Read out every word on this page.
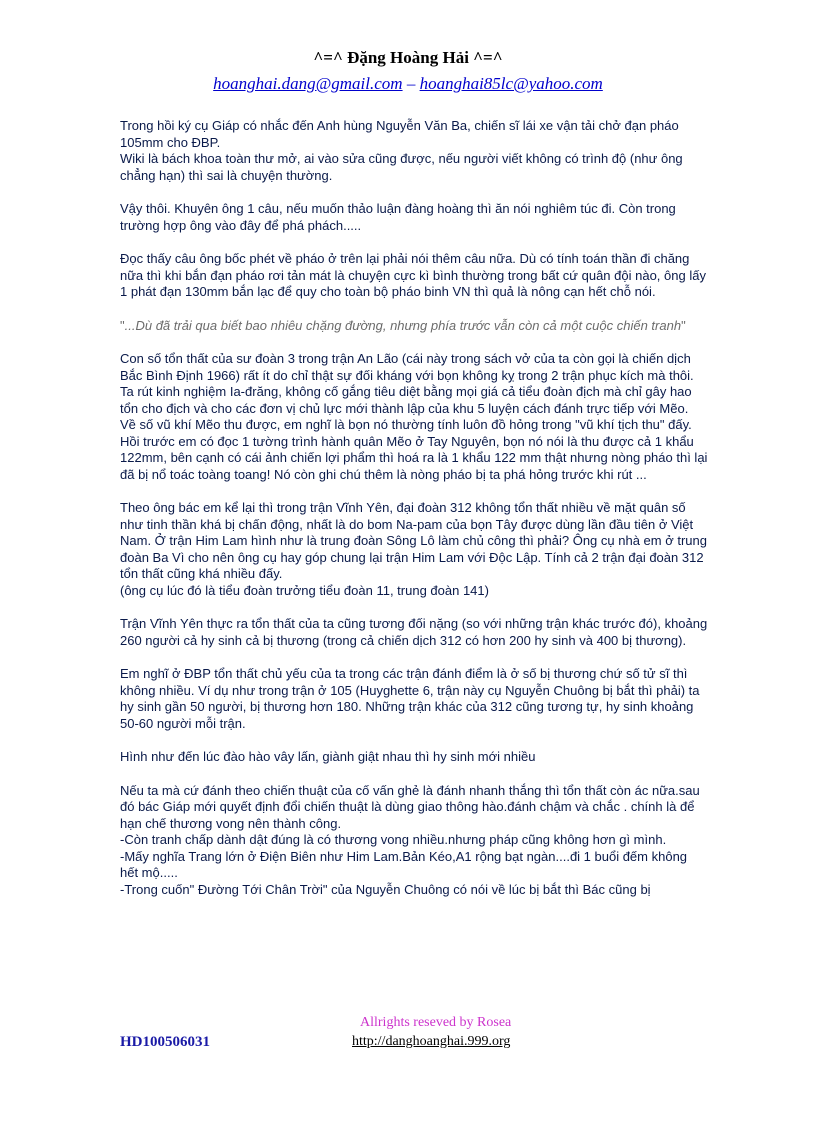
^=^ Đặng Hoàng Hải ^=^
hoanghai.dang@gmail.com – hoanghai85lc@yahoo.com

Trong hồi ký cụ Giáp có nhắc đến Anh hùng Nguyễn Văn Ba, chiến sĩ lái xe vận tải chở đạn pháo 105mm cho ĐBP.
Wiki là bách khoa toàn thư mở, ai vào sửa cũng được, nếu người viết không có trình độ (như ông chẳng hạn) thì sai là chuyện thường.

Vậy thôi. Khuyên ông 1 câu, nếu muốn thảo luận đàng hoàng thì ăn nói nghiêm túc đi. Còn trong trường hợp ông vào đây để phá phách.....

Đọc thấy câu ông bốc phét về pháo ở trên lại phải nói thêm câu nữa. Dù có tính toán thần đi chăng nữa thì khi bắn đạn pháo rơi tản mát là chuyện cực kì bình thường trong bất cứ quân đội nào, ông lấy 1 phát đạn 130mm bắn lạc để quy cho toàn bộ pháo binh VN thì quả là nông cạn hết chỗ nói.

"...Dù đã trải qua biết bao nhiêu chặng đường, nhưng phía trước vẫn còn cả một cuộc chiến tranh"

Con số tổn thất của sư đoàn 3 trong trận An Lão (cái này trong sách vở của ta còn gọi là chiến dịch Bắc Bình Định 1966) rất ít do chỉ thật sự đối kháng với bọn không kỵ trong 2 trận phục kích mà thôi. Ta rút kinh nghiệm Ia-đrăng, không cố gắng tiêu diệt bằng mọi giá cả tiểu đoàn địch mà chỉ gây hao tổn cho địch và cho các đơn vị chủ lực mới thành lập của khu 5 luyện cách đánh trực tiếp với Mẽo.
Về số vũ khí Mẽo thu được, em nghĩ là bọn nó thường tính luôn đồ hỏng trong "vũ khí tịch thu" đấy. Hồi trước em có đọc 1 tường trình hành quân Mẽo ở Tay Nguyên, bọn nó nói là thu được cả 1 khẩu 122mm, bên cạnh có cái ảnh chiến lợi phẩm thì hoá ra là 1 khẩu 122 mm thật nhưng nòng pháo thì lại đã bị nổ toác toàng toang! Nó còn ghi chú thêm là nòng pháo bị ta phá hỏng trước khi rút ...

Theo ông bác em kể lại thì trong trận Vĩnh Yên, đại đoàn 312 không tổn thất nhiều về mặt quân số như tinh thần khá bị chấn động, nhất là do bom Na-pam của bọn Tây được dùng lần đầu tiên ở Việt Nam. Ở trận Him Lam hình như là trung đoàn Sông Lô làm chủ công thì phải? Ông cụ nhà em ở trung đoàn Ba Vì cho nên ông cụ hay góp chung lại trận Him Lam với Độc Lập. Tính cả 2 trận đại đoàn 312 tổn thất cũng khá nhiều đấy.
(ông cụ lúc đó là tiểu đoàn trưởng tiểu đoàn 11, trung đoàn 141)

Trận Vĩnh Yên thực ra tổn thất của ta cũng tương đối nặng (so với những trận khác trước đó), khoảng 260 người cả hy sinh cả bị thương (trong cả chiến dịch 312 có hơn 200 hy sinh và 400 bị thương).

Em nghĩ ở ĐBP tổn thất chủ yếu của ta trong các trận đánh điểm là ở số bị thương chứ số tử sĩ thì không nhiều. Ví dụ như trong trận ở 105 (Huyghette 6, trận này cụ Nguyễn Chuông bị bắt thì phải) ta hy sinh gần 50 người, bị thương hơn 180. Những trận khác của 312 cũng tương tự, hy sinh khoảng 50-60 người mỗi trận.

Hình như đến lúc đào hào vây lấn, giành giật nhau thì hy sinh mới nhiều

Nếu ta mà cứ đánh theo chiến thuật của cố vấn ghẻ là đánh nhanh thắng thì tổn thất còn ác nữa.sau đó bác Giáp mới quyết định đổi chiến thuật là dùng giao thông hào.đánh chậm và chắc . chính là để hạn chế thương vong nên thành công.
-Còn tranh chấp dành dật đúng là có thương vong nhiều.nhưng pháp cũng không hơn gì mình.
-Mấy nghĩa Trang lớn ở Điện Biên như Him Lam.Bản Kéo,A1 rộng bạt ngàn....đi 1 buổi đếm không hết mộ.....
-Trong cuốn" Đường Tới Chân Trời" của Nguyễn Chuông có nói về lúc bị bắt thì Bác cũng bị

Allrights reseved by Rosea
HD100506031	http://danghoanghai.999.org
